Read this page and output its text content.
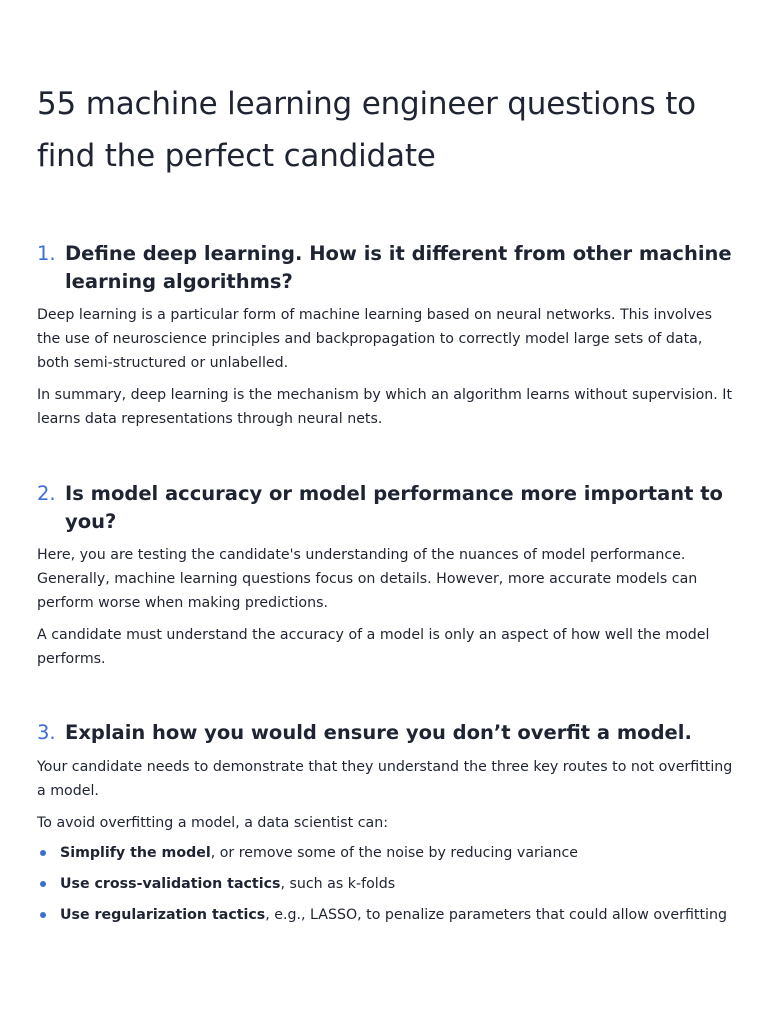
55 machine learning engineer questions to find the perfect candidate
1. Define deep learning. How is it different from other machine learning algorithms?

Deep learning is a particular form of machine learning based on neural networks. This involves the use of neuroscience principles and backpropagation to correctly model large sets of data, both semi-structured or unlabelled.

In summary, deep learning is the mechanism by which an algorithm learns without supervision. It learns data representations through neural nets.

2. Is model accuracy or model performance more important to you?

Here, you are testing the candidate's understanding of the nuances of model performance. Generally, machine learning questions focus on details. However, more accurate models can perform worse when making predictions.

A candidate must understand the accuracy of a model is only an aspect of how well the model performs.

3. Explain how you would ensure you don’t overfit a model.

Your candidate needs to demonstrate that they understand the three key routes to not overfitting a model.

To avoid overfitting a model, a data scientist can:

Simplify the model, or remove some of the noise by reducing variance
Use cross-validation tactics, such as k-folds
Use regularization tactics, e.g., LASSO, to penalize parameters that could allow overfitting
